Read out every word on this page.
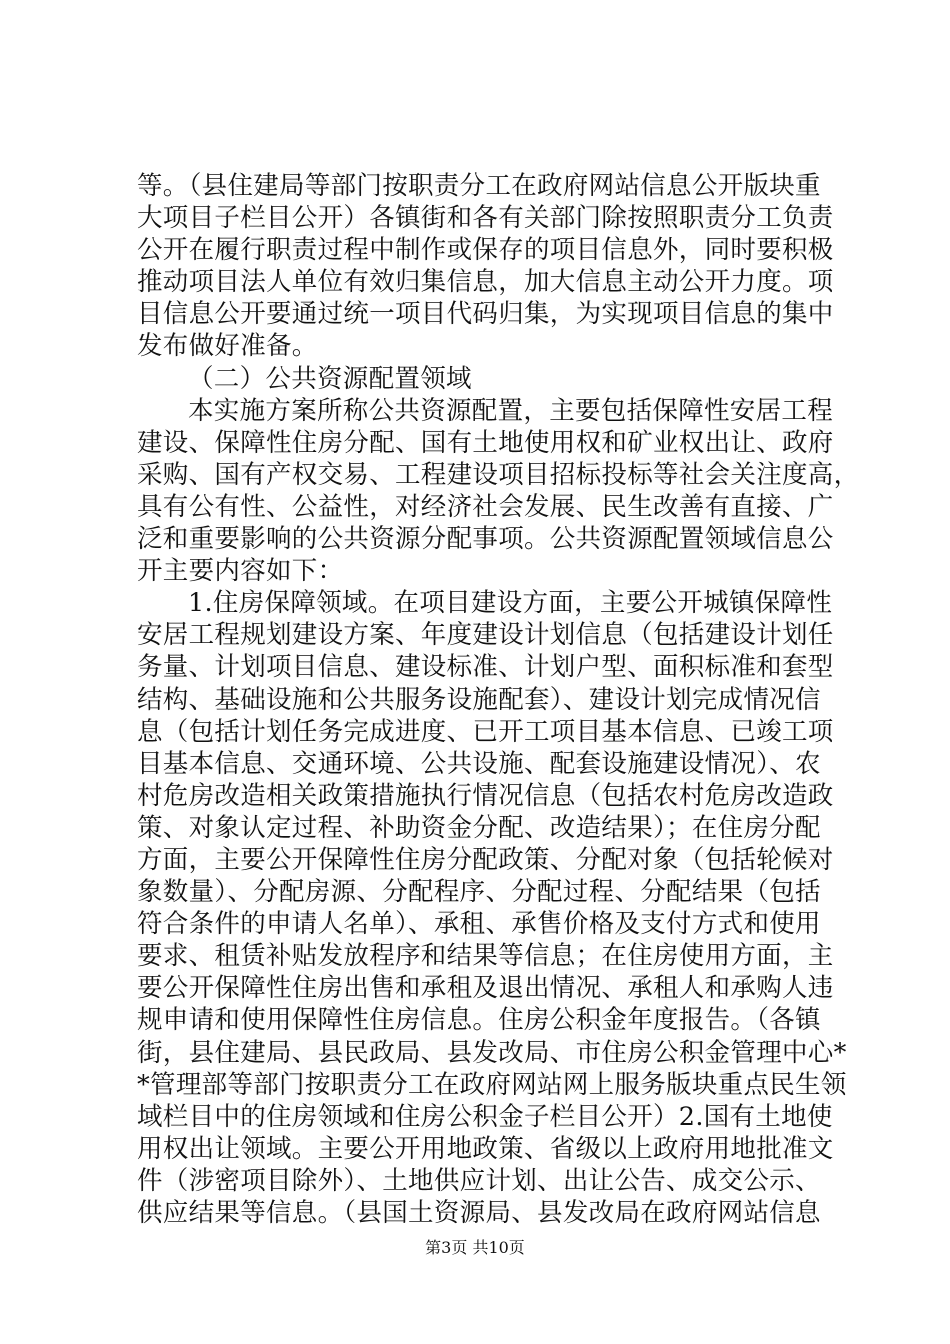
等。（县住建局等部门按职责分工在政府网站信息公开版块重
大项目子栏目公开）各镇街和各有关部门除按照职责分工负责
公开在履行职责过程中制作或保存的项目信息外，同时要积极
推动项目法人单位有效归集信息，加大信息主动公开力度。项
目信息公开要通过统一项目代码归集，为实现项目信息的集中
发布做好准备。
（二）公共资源配置领域
本实施方案所称公共资源配置，主要包括保障性安居工程
建设、保障性住房分配、国有土地使用权和矿业权出让、政府
采购、国有产权交易、工程建设项目招标投标等社会关注度高，
具有公有性、公益性，对经济社会发展、民生改善有直接、广
泛和重要影响的公共资源分配事项。公共资源配置领域信息公
开主要内容如下：
1.住房保障领域。在项目建设方面，主要公开城镇保障性
安居工程规划建设方案、年度建设计划信息（包括建设计划任
务量、计划项目信息、建设标准、计划户型、面积标准和套型
结构、基础设施和公共服务设施配套）、建设计划完成情况信
息（包括计划任务完成进度、已开工项目基本信息、已竣工项
目基本信息、交通环境、公共设施、配套设施建设情况）、农
村危房改造相关政策措施执行情况信息（包括农村危房改造政
策、对象认定过程、补助资金分配、改造结果）；在住房分配
方面，主要公开保障性住房分配政策、分配对象（包括轮候对
象数量）、分配房源、分配程序、分配过程、分配结果（包括
符合条件的申请人名单）、承租、承售价格及支付方式和使用
要求、租赁补贴发放程序和结果等信息；在住房使用方面，主
要公开保障性住房出售和承租及退出情况、承租人和承购人违
规申请和使用保障性住房信息。住房公积金年度报告。（各镇
街，县住建局、县民政局、县发改局、市住房公积金管理中心*
*管理部等部门按职责分工在政府网站网上服务版块重点民生领
域栏目中的住房领域和住房公积金子栏目公开）2.国有土地使
用权出让领域。主要公开用地政策、省级以上政府用地批准文
件（涉密项目除外）、土地供应计划、出让公告、成交公示、
供应结果等信息。（县国土资源局、县发改局在政府网站信息
第3页 共10页
